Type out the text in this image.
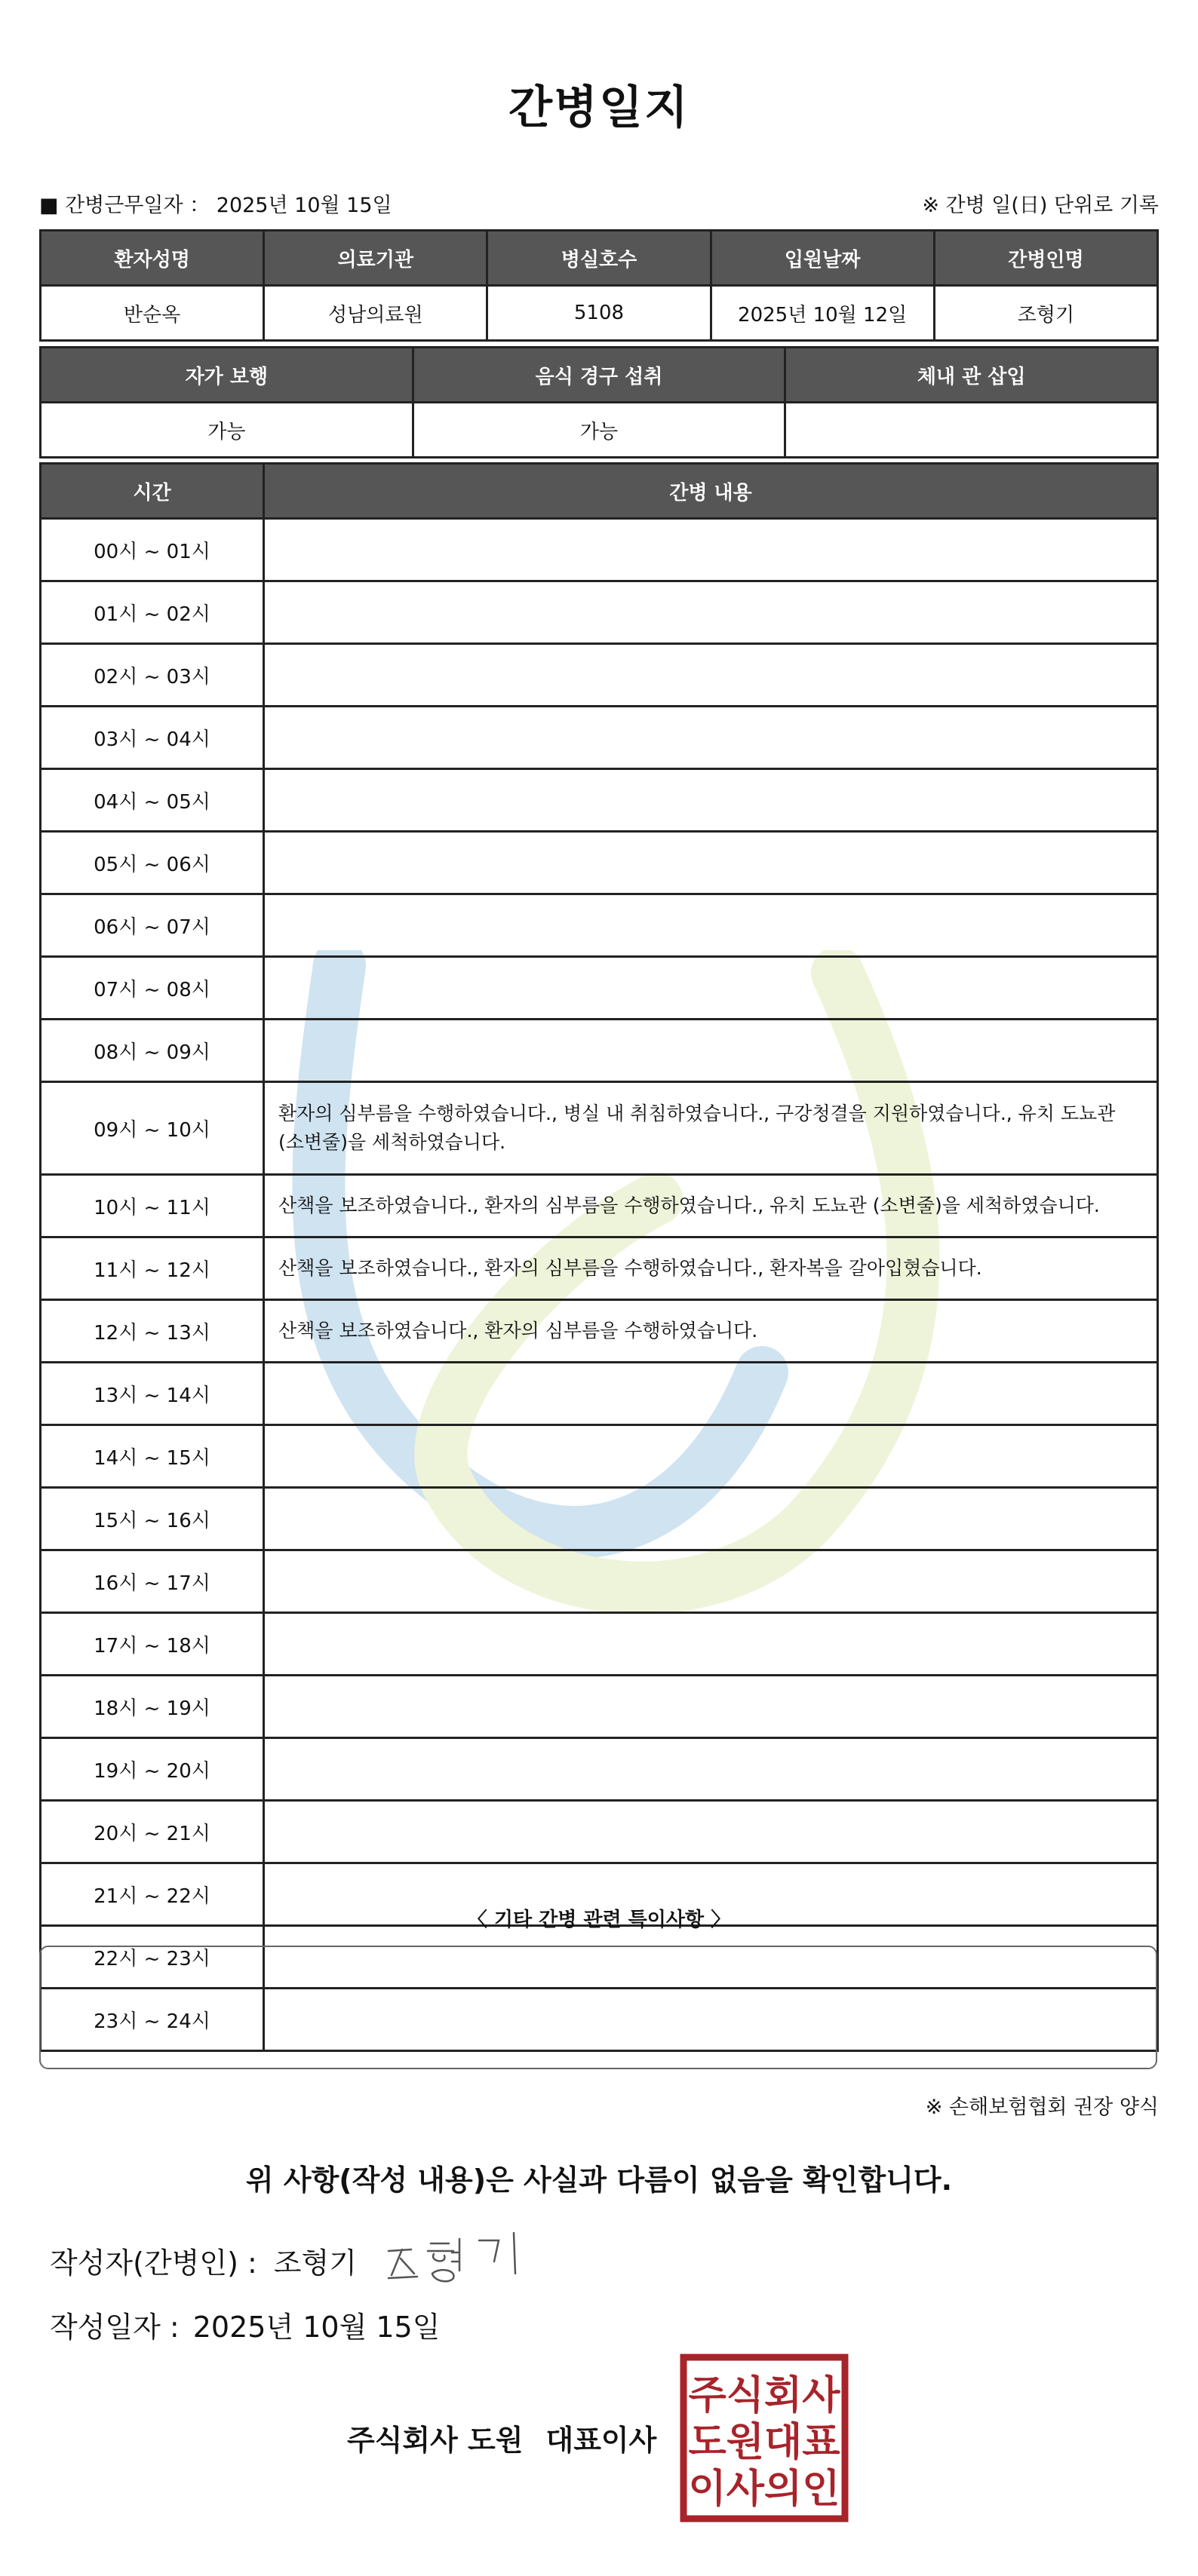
간병일지
■ 간병근무일자 ： 2025년 10월 15일	※ 간병 일(日) 단위로 기록
환자성명	의료기관	병실호수	입원날짜	간병인명
반순옥	성남의료원	5108	2025년 10월 12일	조형기
자가 보행	음식 경구 섭취	체내 관 삽입
가능	가능	
시간	간병 내용
00시 ~ 01시	
01시 ~ 02시	
02시 ~ 03시	
03시 ~ 04시	
04시 ~ 05시	
05시 ~ 06시	
06시 ~ 07시	
07시 ~ 08시	
08시 ~ 09시	
09시 ~ 10시	환자의 심부름을 수행하였습니다., 병실 내 취침하였습니다., 구강청결을 지원하였습니다., 유치 도뇨관 (소변줄)을 세척하였습니다.
10시 ~ 11시	산책을 보조하였습니다., 환자의 심부름을 수행하였습니다., 유치 도뇨관 (소변줄)을 세척하였습니다.
11시 ~ 12시	산책을 보조하였습니다., 환자의 심부름을 수행하였습니다., 환자복을 갈아입혔습니다.
12시 ~ 13시	산책을 보조하였습니다., 환자의 심부름을 수행하였습니다.
13시 ~ 14시	
14시 ~ 15시	
15시 ~ 16시	
16시 ~ 17시	
17시 ~ 18시	
18시 ~ 19시	
19시 ~ 20시	
20시 ~ 21시	
21시 ~ 22시	
22시 ~ 23시	
23시 ~ 24시	
〈 기타 간병 관련 특이사항 〉
※ 손해보험협회 권장 양식
위 사항(작성 내용)은 사실과 다름이 없음을 확인합니다.
작성자(간병인) : 조형기
작성일자 : 2025년 10월 15일
주식회사 도원 대표이사
주식회사
도원대표
이사의인
